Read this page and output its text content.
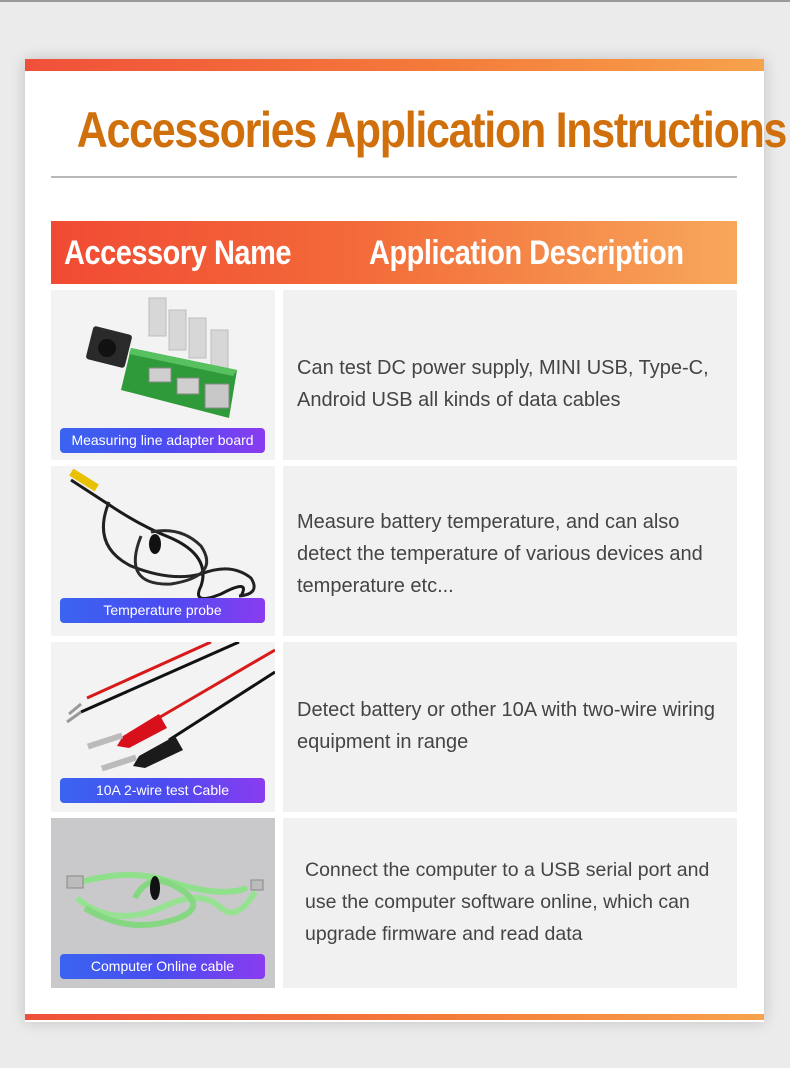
Accessories Application Instructions
Accessory Name Application Description
Measuring line adapter board
Can test DC power supply, MINI USB, Type-C, Android USB all kinds of data cables
Temperature probe
Measure battery temperature, and can also detect the temperature of various devices and temperature etc...
10A 2-wire test Cable
Detect battery or other 10A with two-wire wiring equipment in range
Computer Online cable
Connect the computer to a USB serial port and use the computer software online, which can upgrade firmware and read data
